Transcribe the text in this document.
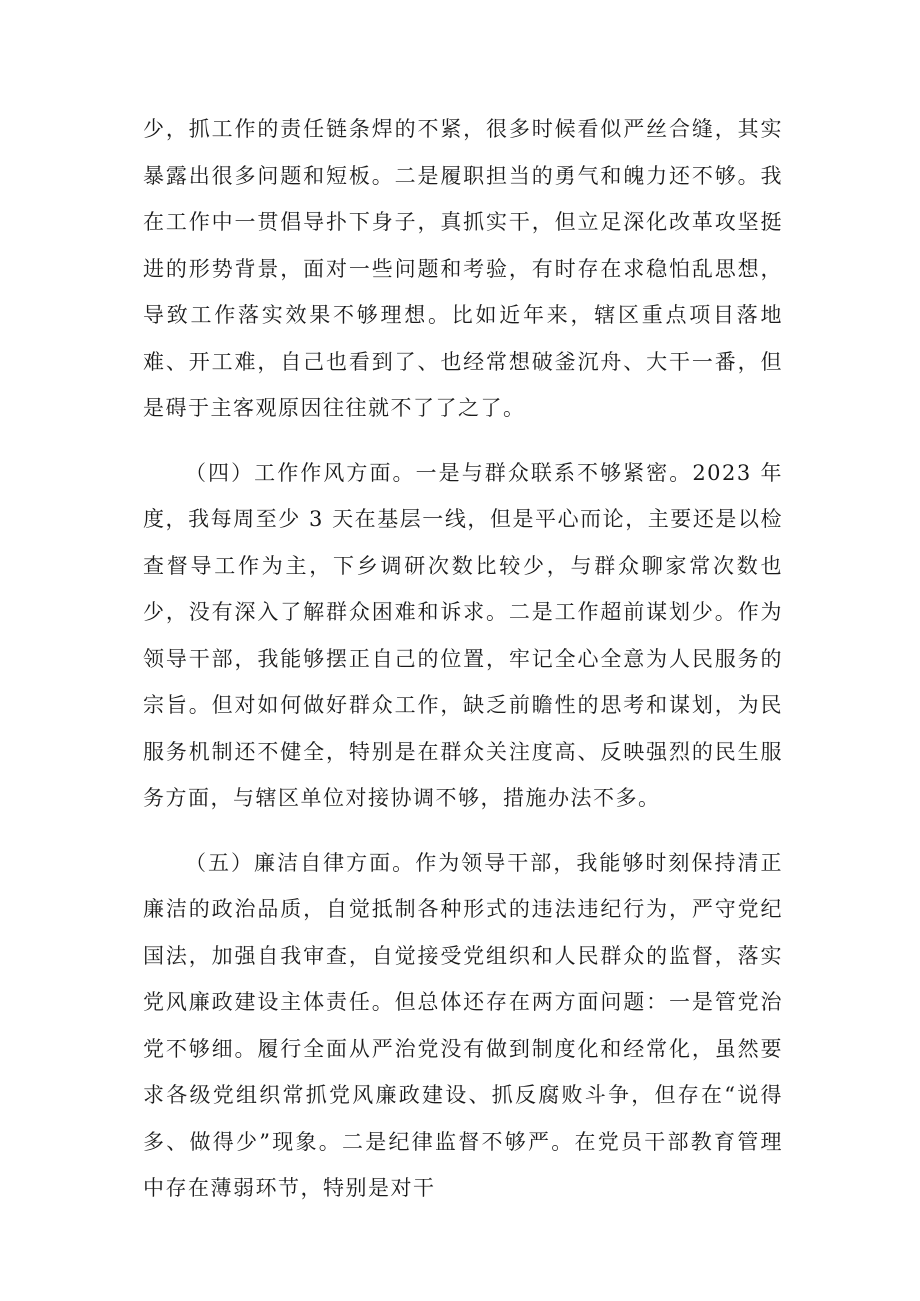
少，抓工作的责任链条焊的不紧，很多时候看似严丝合缝，其实暴露出很多问题和短板。二是履职担当的勇气和魄力还不够。我在工作中一贯倡导扑下身子，真抓实干，但立足深化改革攻坚挺进的形势背景，面对一些问题和考验，有时存在求稳怕乱思想，导致工作落实效果不够理想。比如近年来，辖区重点项目落地难、开工难，自己也看到了、也经常想破釜沉舟、大干一番，但是碍于主客观原因往往就不了了之了。

（四）工作作风方面。一是与群众联系不够紧密。2023 年度，我每周至少 3 天在基层一线，但是平心而论，主要还是以检查督导工作为主，下乡调研次数比较少，与群众聊家常次数也少，没有深入了解群众困难和诉求。二是工作超前谋划少。作为领导干部，我能够摆正自己的位置，牢记全心全意为人民服务的宗旨。但对如何做好群众工作，缺乏前瞻性的思考和谋划，为民服务机制还不健全，特别是在群众关注度高、反映强烈的民生服务方面，与辖区单位对接协调不够，措施办法不多。

（五）廉洁自律方面。作为领导干部，我能够时刻保持清正廉洁的政治品质，自觉抵制各种形式的违法违纪行为，严守党纪国法，加强自我审查，自觉接受党组织和人民群众的监督，落实党风廉政建设主体责任。但总体还存在两方面问题：一是管党治党不够细。履行全面从严治党没有做到制度化和经常化，虽然要求各级党组织常抓党风廉政建设、抓反腐败斗争，但存在“说得多、做得少”现象。二是纪律监督不够严。在党员干部教育管理中存在薄弱环节，特别是对干
